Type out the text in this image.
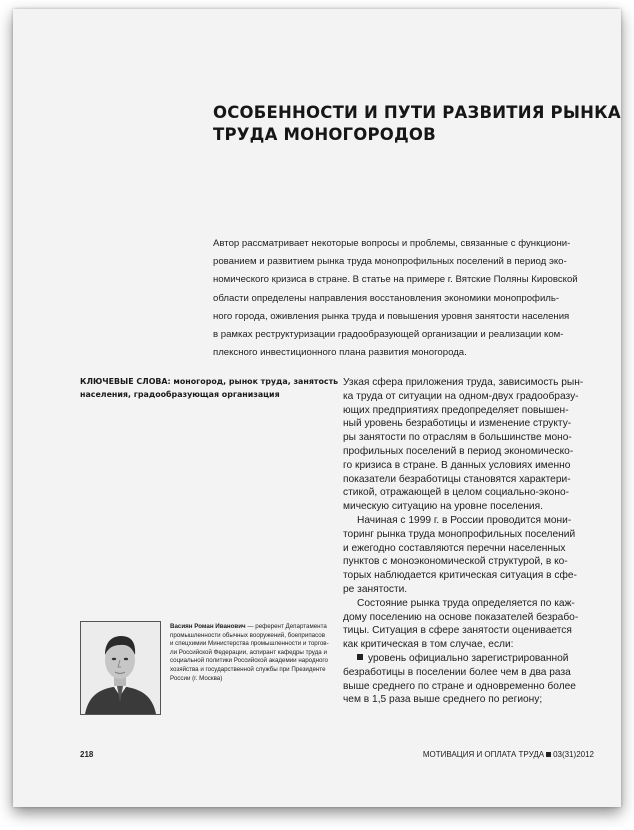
ОСОБЕННОСТИ И ПУТИ РАЗВИТИЯ РЫНКА
ТРУДА МОНОГОРОДОВ
Автор рассматривает некоторые вопросы и проблемы, связанные с функциони-
рованием и развитием рынка труда монопрофильных поселений в период эко-
номического кризиса в стране. В статье на примере г. Вятские Поляны Кировской
области определены направления восстановления экономики монопрофиль-
ного города, оживления рынка труда и повышения уровня занятости населения
в рамках реструктуризации градообразующей организации и реализации ком-
плексного инвестиционного плана развития моногорода.
КЛЮЧЕВЫЕ СЛОВА: моногород, рынок труда, занятость
населения, градообразующая организация
Узкая сфера приложения труда, зависимость рын-
ка труда от ситуации на одном-двух градообразу-
ющих предприятиях предопределяет повышен-
ный уровень безработицы и изменение структу-
ры занятости по отраслям в большинстве моно-
профильных поселений в период экономическо-
го кризиса в стране. В данных условиях именно
показатели безработицы становятся характери-
стикой, отражающей в целом социально-эконо-
мическую ситуацию на уровне поселения.
Начиная с 1999 г. в России проводится мони-
торинг рынка труда монопрофильных поселений
и ежегодно составляются перечни населенных
пунктов с моноэкономической структурой, в ко-
торых наблюдается критическая ситуация в сфе-
ре занятости.
Состояние рынка труда определяется по каж-
дому поселению на основе показателей безрабо-
тицы. Ситуация в сфере занятости оценивается
как критическая в том случае, если:
уровень официально зарегистрированной
безработицы в поселении более чем в два раза
выше среднего по стране и одновременно более
чем в 1,5 раза выше среднего по региону;
Васиян Роман Иванович — референт Департамента
промышленности обычных вооружений, боеприпасов
и спецхимии Министерства промышленности и торгов-
ли Российской Федерации, аспирант кафедры труда и
социальной политики Российской академии народного
хозяйства и государственной службы при Президенте
России (г. Москва)
218	МОТИВАЦИЯ И ОПЛАТА ТРУДА 03(31)2012
